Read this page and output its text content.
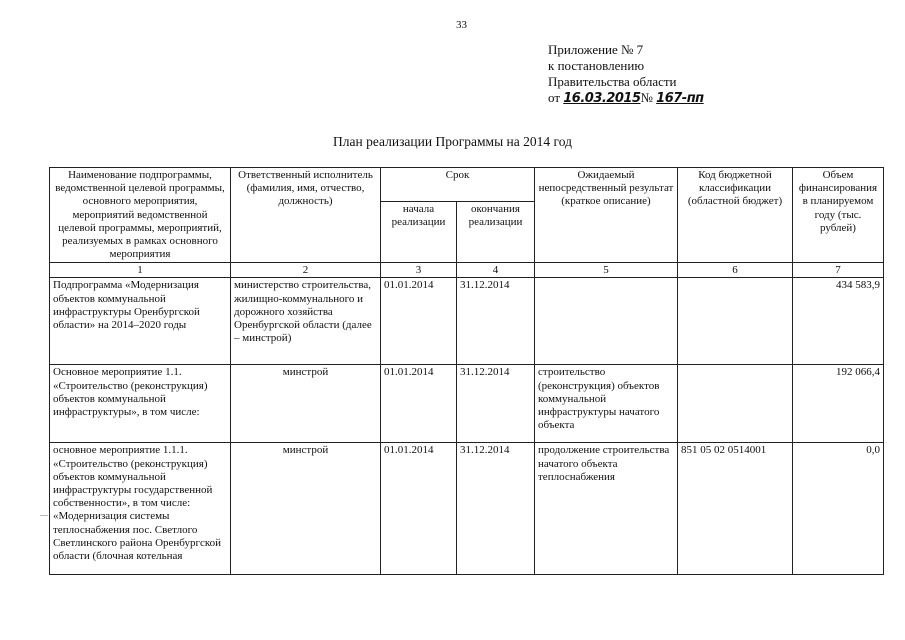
33
Приложение № 7
к постановлению
Правительства области
от 16.03.2015№ 167-пп
План реализации Программы на 2014 год
Наименование подпрограммы, ведомственной целевой программы, основного мероприятия, мероприятий ведомственной целевой программы, мероприятий, реализуемых в рамках основного мероприятия	Ответственный исполнитель (фамилия, имя, отчество, должность)	Срок		Ожидаемый непосредственный результат (краткое описание)	Код бюджетной классификации (областной бюджет)	Объем финансирования в планируемом году (тыс. рублей)
		начала реализации	окончания реализации			
1	2	3	4	5	6	7
Подпрограмма «Модернизация объектов коммунальной инфраструктуры Оренбургской области» на 2014–2020 годы	министерство строительства, жилищно-коммунального и дорожного хозяйства Оренбургской области (далее – минстрой)	01.01.2014	31.12.2014			434 583,9
Основное мероприятие 1.1. «Строительство (реконструкция) объектов коммунальной инфраструктуры», в том числе:	минстрой	01.01.2014	31.12.2014	строительство (реконструкция) объектов коммунальной инфраструктуры начатого объекта		192 066,4
основное мероприятие 1.1.1. «Строительство (реконструкция) объектов коммунальной инфраструктуры государственной собственности», в том числе: «Модернизация системы теплоснабжения пос. Светлого Светлинского района Оренбургской области (блочная котельная	минстрой	01.01.2014	31.12.2014	продолжение строительства начатого объекта теплоснабжения	851 05 02 0514001	0,0
